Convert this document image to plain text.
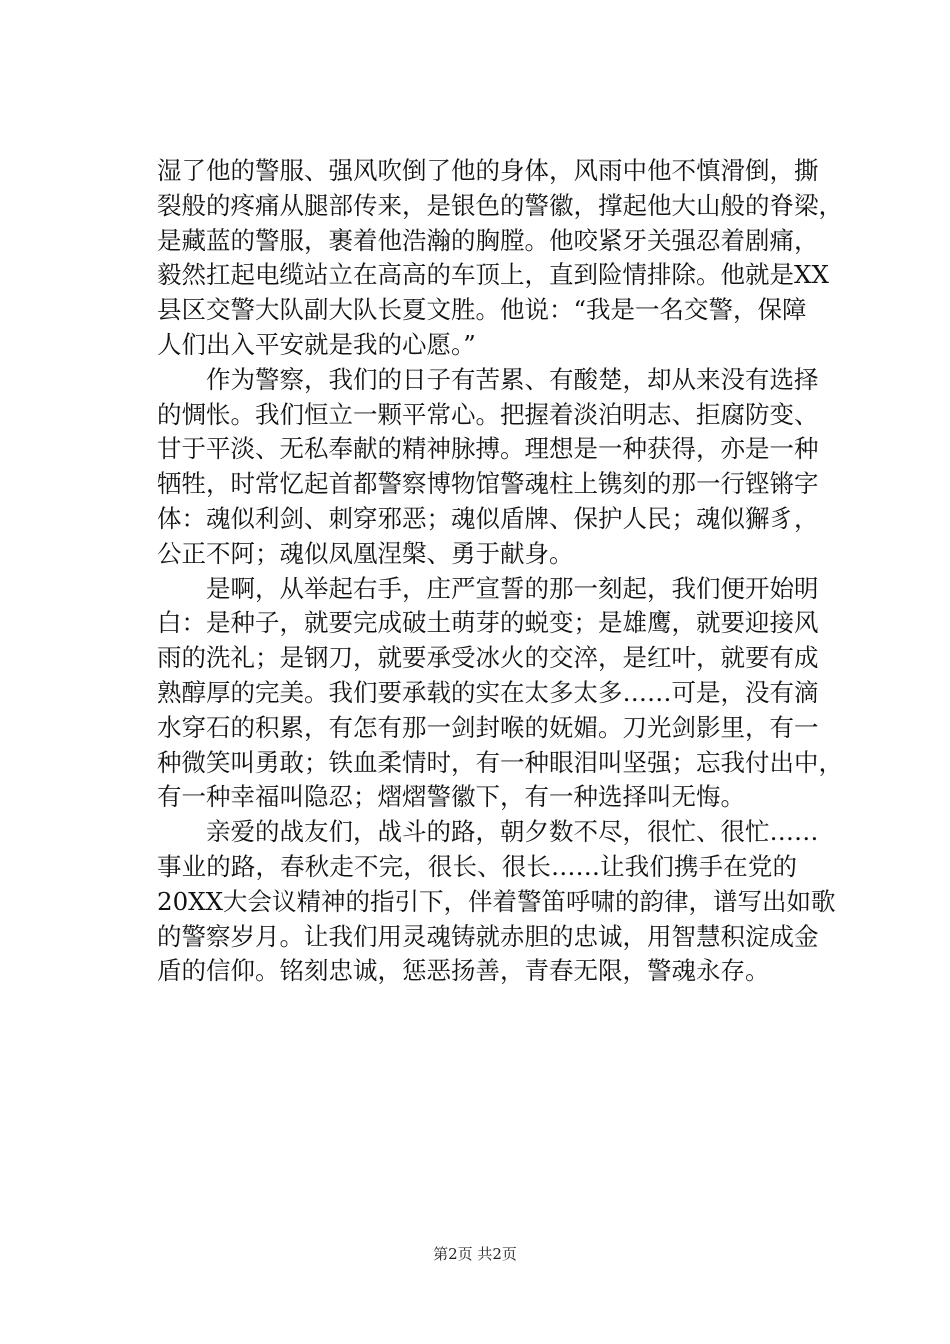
湿了他的警服、强风吹倒了他的身体，风雨中他不慎滑倒，撕
裂般的疼痛从腿部传来，是银色的警徽，撑起他大山般的脊梁，
是藏蓝的警服，裹着他浩瀚的胸膛。他咬紧牙关强忍着剧痛，
毅然扛起电缆站立在高高的车顶上，直到险情排除。他就是XX
县区交警大队副大队长夏文胜。他说：“我是一名交警，保障
人们出入平安就是我的心愿。”
　　作为警察，我们的日子有苦累、有酸楚，却从来没有选择
的惆怅。我们恒立一颗平常心。把握着淡泊明志、拒腐防变、
甘于平淡、无私奉献的精神脉搏。理想是一种获得，亦是一种
牺牲，时常忆起首都警察博物馆警魂柱上镌刻的那一行铿锵字
体：魂似利剑、刺穿邪恶；魂似盾牌、保护人民；魂似獬豸，
公正不阿；魂似凤凰涅槃、勇于献身。
　　是啊，从举起右手，庄严宣誓的那一刻起，我们便开始明
白：是种子，就要完成破土萌芽的蜕变；是雄鹰，就要迎接风
雨的洗礼；是钢刀，就要承受冰火的交淬，是红叶，就要有成
熟醇厚的完美。我们要承载的实在太多太多……可是，没有滴
水穿石的积累，有怎有那一剑封喉的妩媚。刀光剑影里，有一
种微笑叫勇敢；铁血柔情时，有一种眼泪叫坚强；忘我付出中，
有一种幸福叫隐忍；熠熠警徽下，有一种选择叫无悔。
　　亲爱的战友们，战斗的路，朝夕数不尽，很忙、很忙……
事业的路，春秋走不完，很长、很长……让我们携手在党的
20XX大会议精神的指引下，伴着警笛呼啸的韵律，谱写出如歌
的警察岁月。让我们用灵魂铸就赤胆的忠诚，用智慧积淀成金
盾的信仰。铭刻忠诚，惩恶扬善，青春无限，警魂永存。
第2页 共2页
